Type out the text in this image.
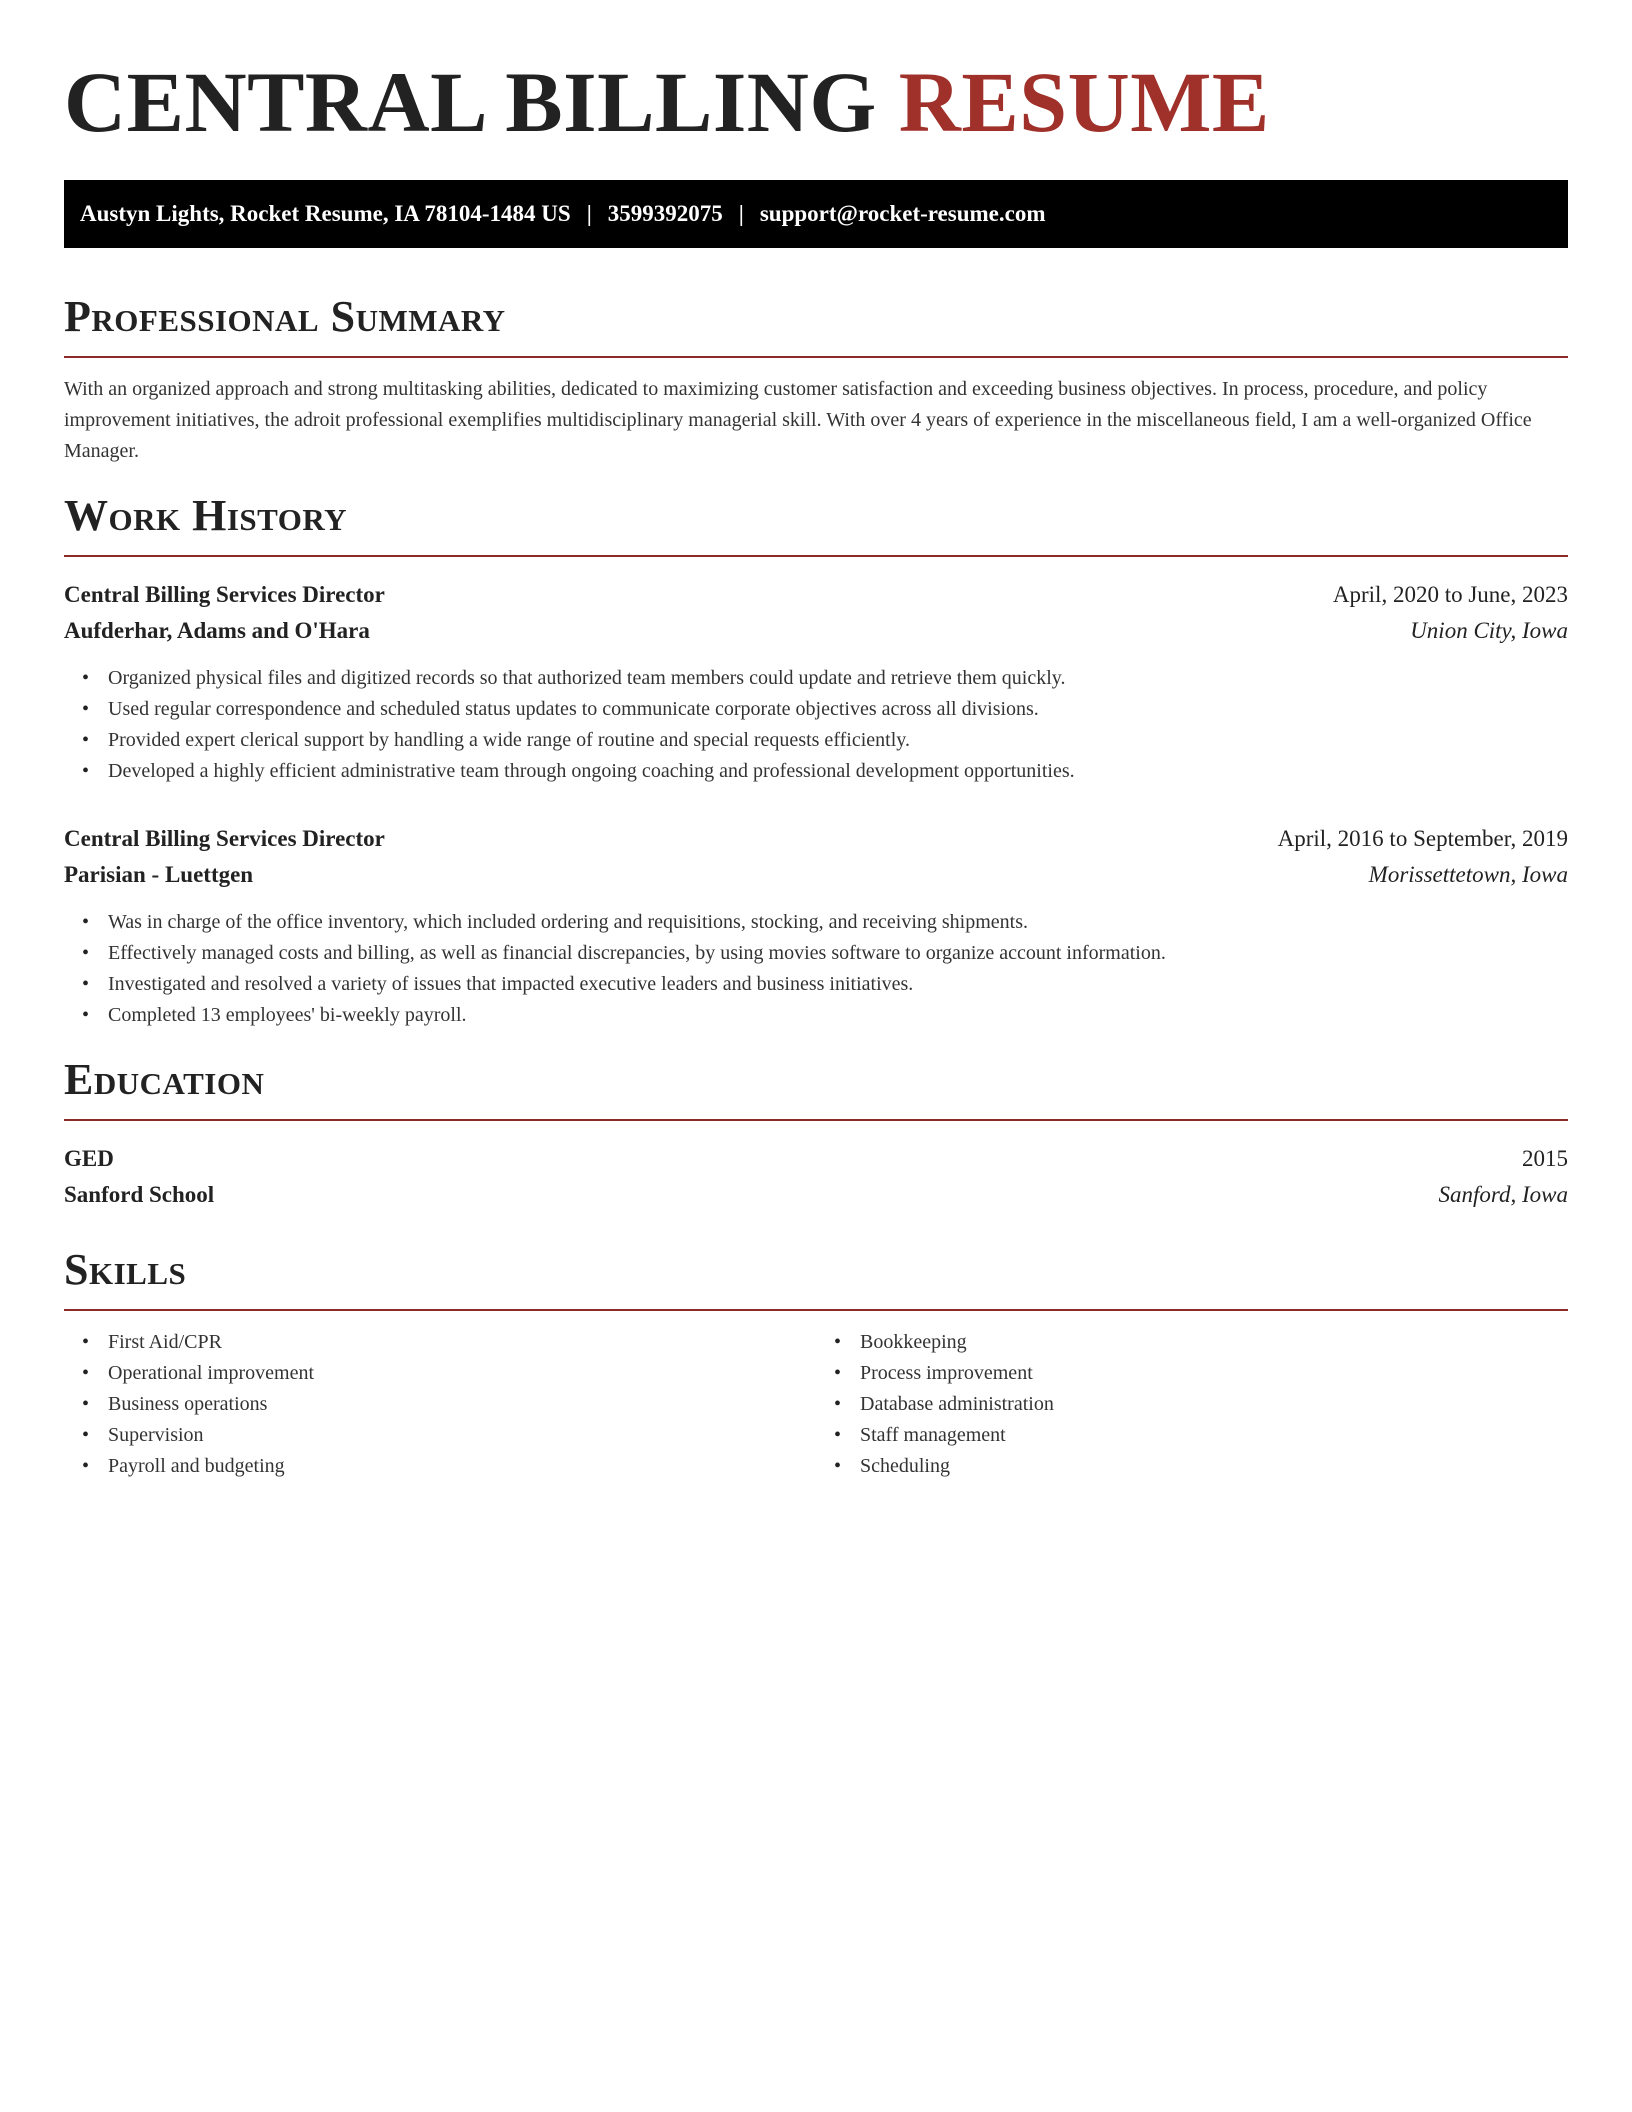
CENTRAL BILLING RESUME
Austyn Lights, Rocket Resume, IA 78104-1484 US | 3599392075 | support@rocket-resume.com
Professional Summary

With an organized approach and strong multitasking abilities, dedicated to maximizing customer satisfaction and exceeding business objectives. In process, procedure, and policy improvement initiatives, the adroit professional exemplifies multidisciplinary managerial skill. With over 4 years of experience in the miscellaneous field, I am a well-organized Office Manager.

Work History
Central Billing Services Director	April, 2020 to June, 2023
Aufderhar, Adams and O'Hara	Union City, Iowa
• Organized physical files and digitized records so that authorized team members could update and retrieve them quickly.
• Used regular correspondence and scheduled status updates to communicate corporate objectives across all divisions.
• Provided expert clerical support by handling a wide range of routine and special requests efficiently.
• Developed a highly efficient administrative team through ongoing coaching and professional development opportunities.
Central Billing Services Director	April, 2016 to September, 2019
Parisian - Luettgen	Morissettetown, Iowa
• Was in charge of the office inventory, which included ordering and requisitions, stocking, and receiving shipments.
• Effectively managed costs and billing, as well as financial discrepancies, by using movies software to organize account information.
• Investigated and resolved a variety of issues that impacted executive leaders and business initiatives.
• Completed 13 employees' bi-weekly payroll.
Education
GED	2015
Sanford School	Sanford, Iowa
Skills
• First Aid/CPR
• Operational improvement
• Business operations
• Supervision
• Payroll and budgeting
• Bookkeeping
• Process improvement
• Database administration
• Staff management
• Scheduling
